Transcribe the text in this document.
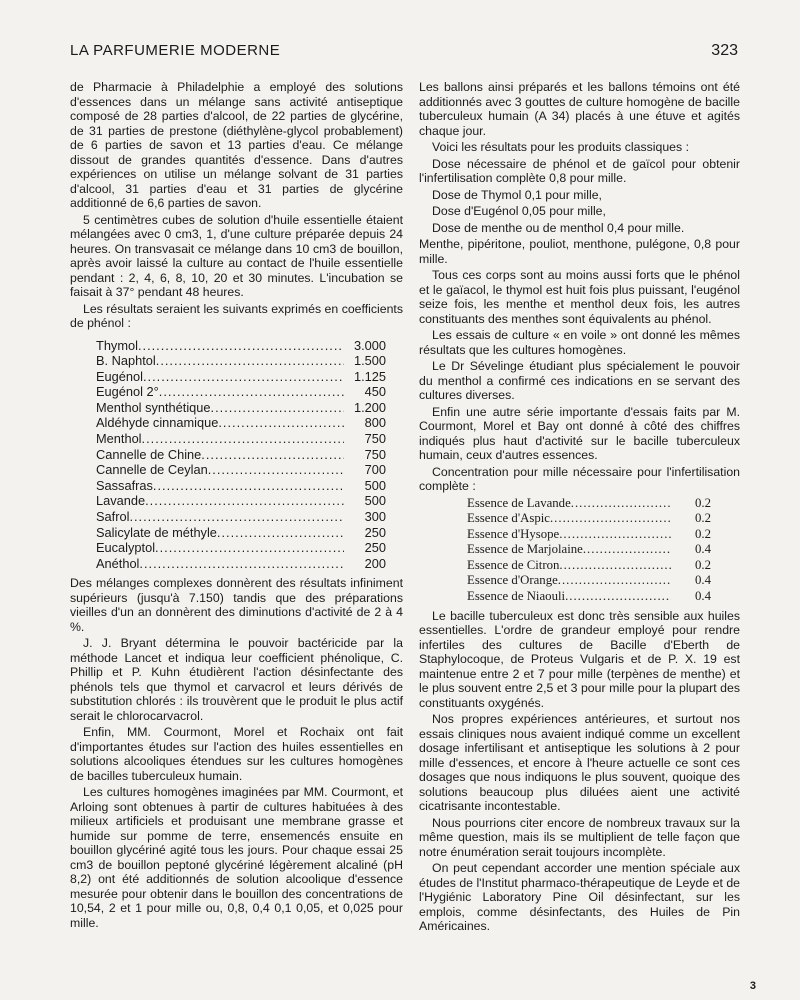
LA PARFUMERIE MODERNE	323

de Pharmacie à Philadelphie a employé des solutions d'essences dans un mélange sans activité antiseptique composé de 28 parties d'alcool, de 22 parties de glycérine, de 31 parties de prestone (diéthylène-glycol probablement) de 6 parties de savon et 13 parties d'eau. Ce mélange dissout de grandes quantités d'essence. Dans d'autres expériences on utilise un mélange solvant de 31 parties d'alcool, 31 parties d'eau et 31 parties de glycérine additionné de 6,6 parties de savon.

5 centimètres cubes de solution d'huile essentielle étaient mélangées avec 0 cm3, 1, d'une culture préparée depuis 24 heures. On transvasait ce mélange dans 10 cm3 de bouillon, après avoir laissé la culture au contact de l'huile essentielle pendant : 2, 4, 6, 8, 10, 20 et 30 minutes. L'incubation se faisait à 37° pendant 48 heures.

Les résultats seraient les suivants exprimés en coefficients de phénol :

Thymol .....	3.000
B. Naphtol .....	1.500
Eugénol .....	1.125
Eugénol 2° .....	450
Menthol synthétique .....	1.200
Aldéhyde cinnamique .....	800
Menthol .....	750
Cannelle de Chine .....	750
Cannelle de Ceylan .....	700
Sassafras .....	500
Lavande .....	500
Safrol .....	300
Salicylate de méthyle .....	250
Eucalyptol .....	250
Anéthol .....	200

Des mélanges complexes donnèrent des résultats infiniment supérieurs (jusqu'à 7.150) tandis que des préparations vieilles d'un an donnèrent des diminutions d'activité de 2 à 4 %.

J. J. Bryant détermina le pouvoir bactéricide par la méthode Lancet et indiqua leur coefficient phénolique, C. Phillip et P. Kuhn étudièrent l'action désinfectante des phénols tels que thymol et carvacrol et leurs dérivés de substitution chlorés : ils trouvèrent que le produit le plus actif serait le chlorocarvacrol.

Enfin, MM. Courmont, Morel et Rochaix ont fait d'importantes études sur l'action des huiles essentielles en solutions alcooliques étendues sur les cultures homogènes de bacilles tuberculeux humain.

Les cultures homogènes imaginées par MM. Courmont, et Arloing sont obtenues à partir de cultures habituées à des milieux artificiels et produisant une membrane grasse et humide sur pomme de terre, ensemencés ensuite en bouillon glycériné agité tous les jours. Pour chaque essai 25 cm3 de bouillon peptoné glycériné légèrement alcaliné (pH 8,2) ont été additionnés de solution alcoolique d'essence mesurée pour obtenir dans le bouillon des concentrations de 10,54, 2 et 1 pour mille ou, 0,8, 0,4 0,1 0,05, et 0,025 pour mille.

Les ballons ainsi préparés et les ballons témoins ont été additionnés avec 3 gouttes de culture homogène de bacille tuberculeux humain (A 34) placés à une étuve et agités chaque jour.

Voici les résultats pour les produits classiques :

Dose nécessaire de phénol et de gaïcol pour obtenir l'infertilisation complète 0,8 pour mille.

Dose de Thymol 0,1 pour mille,

Dose d'Eugénol 0,05 pour mille,

Dose de menthe ou de menthol 0,4 pour mille.

Menthe, pipéritone, pouliot, menthone, pulégone, 0,8 pour mille.

Tous ces corps sont au moins aussi forts que le phénol et le gaïacol, le thymol est huit fois plus puissant, l'eugénol seize fois, les menthe et menthol deux fois, les autres constituants des menthes sont équivalents au phénol.

Les essais de culture « en voile » ont donné les mêmes résultats que les cultures homogènes.

Le Dr Sévelinge étudiant plus spécialement le pouvoir du menthol a confirmé ces indications en se servant des cultures diverses.

Enfin une autre série importante d'essais faits par M. Courmont, Morel et Bay ont donné à côté des chiffres indiqués plus haut d'activité sur le bacille tuberculeux humain, ceux d'autres essences.

Concentration pour mille nécessaire pour l'infertilisation complète :

Essence de Lavande .....	0.2
Essence d'Aspic .....	0.2
Essence d'Hysope .....	0.2
Essence de Marjolaine .....	0.4
Essence de Citron .....	0.2
Essence d'Orange .....	0.4
Essence de Niaouli .....	0.4

Le bacille tuberculeux est donc très sensible aux huiles essentielles. L'ordre de grandeur employé pour rendre infertiles des cultures de Bacille d'Eberth de Staphylocoque, de Proteus Vulgaris et de P. X. 19 est maintenue entre 2 et 7 pour mille (terpènes de menthe) et le plus souvent entre 2,5 et 3 pour mille pour la plupart des constituants oxygénés.

Nos propres expériences antérieures, et surtout nos essais cliniques nous avaient indiqué comme un excellent dosage infertilisant et antiseptique les solutions à 2 pour mille d'essences, et encore à l'heure actuelle ce sont ces dosages que nous indiquons le plus souvent, quoique des solutions beaucoup plus diluées aient une activité cicatrisante incontestable.

Nous pourrions citer encore de nombreux travaux sur la même question, mais ils se multiplient de telle façon que notre énumération serait toujours incomplète.

On peut cependant accorder une mention spéciale aux études de l'Institut pharmaco-thérapeutique de Leyde et de l'Hygiénic Laboratory Pine Oil désinfectant, sur les emplois, comme désinfectants, des Huiles de Pin Américaines.

3
